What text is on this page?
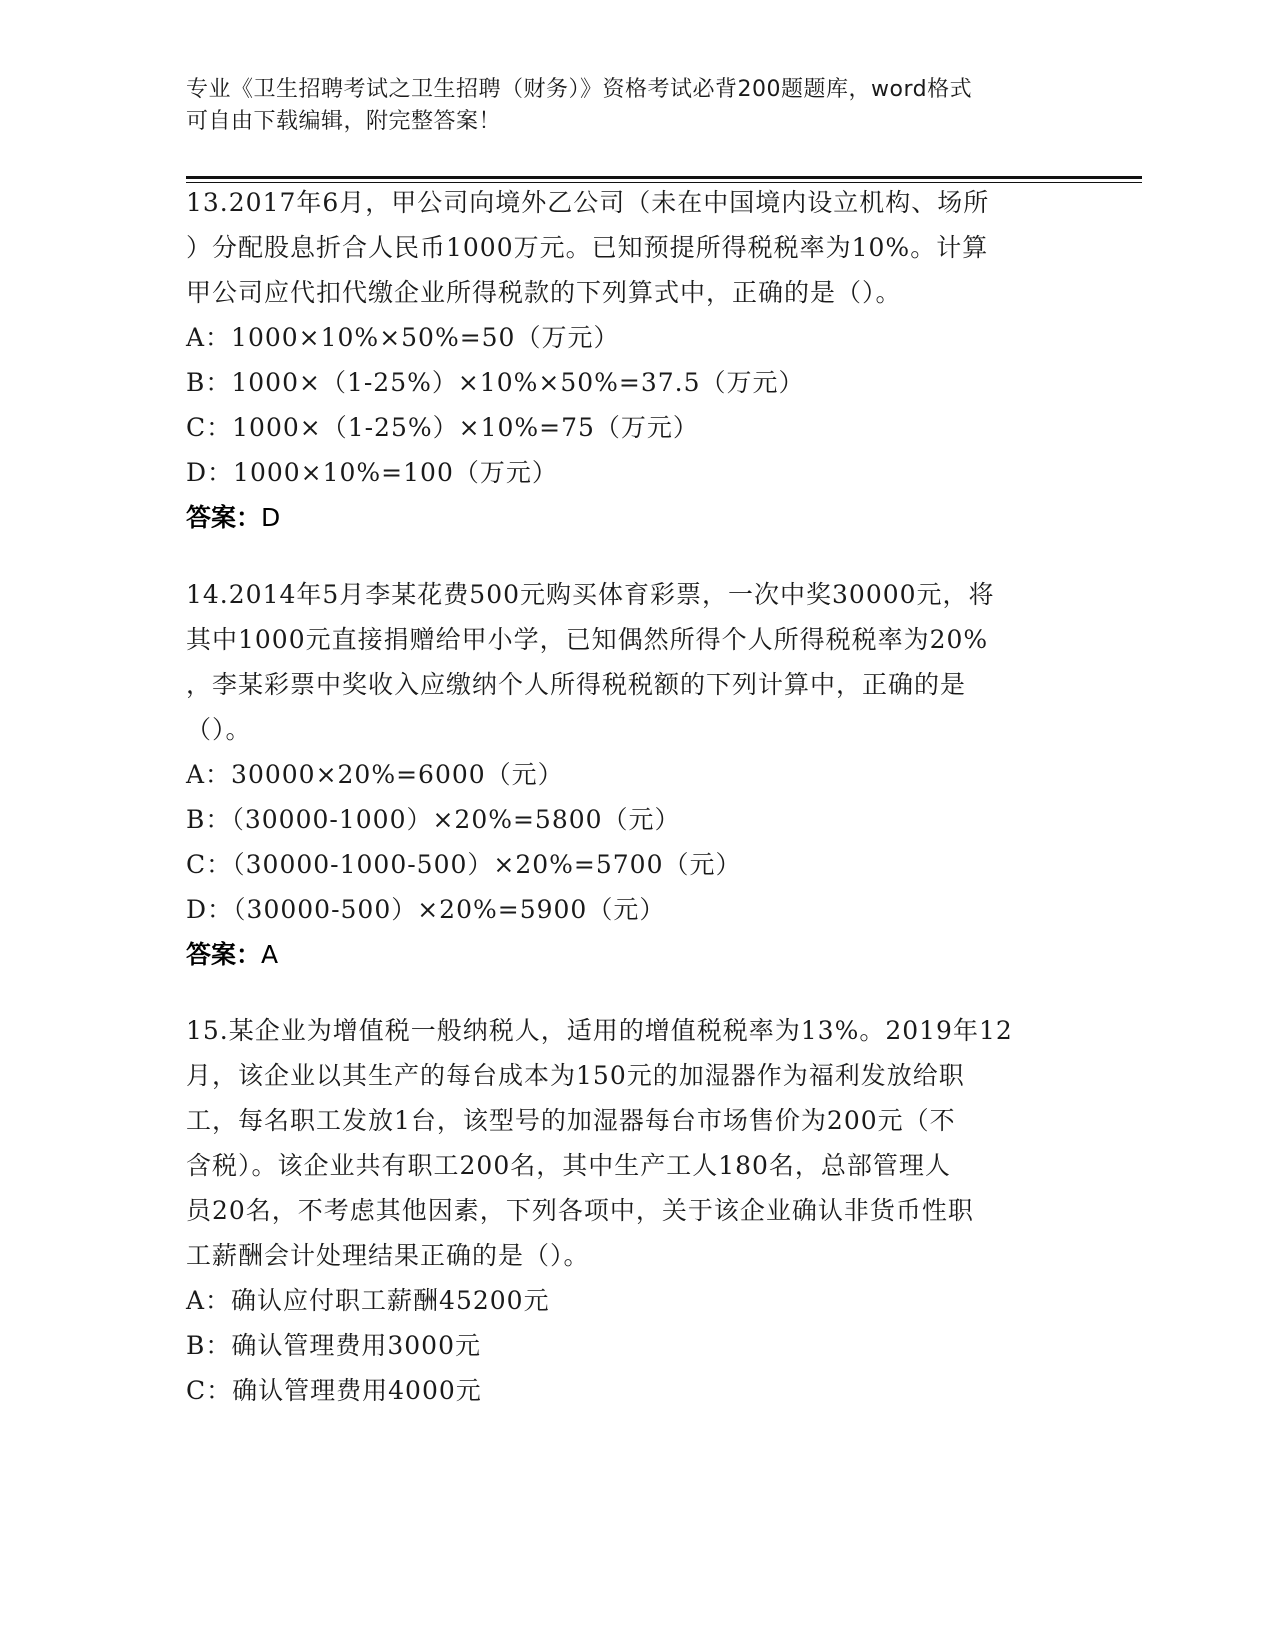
专业《卫生招聘考试之卫生招聘（财务）》资格考试必背200题题库，word格式
可自由下载编辑，附完整答案！

13.2017年6月，甲公司向境外乙公司（未在中国境内设立机构、场所

）分配股息折合人民币1000万元。已知预提所得税税率为10%。计算

甲公司应代扣代缴企业所得税款的下列算式中，正确的是（）。

A：1000×10%×50%=50（万元）

B：1000×（1-25%）×10%×50%=37.5（万元）

C：1000×（1-25%）×10%=75（万元）

D：1000×10%=100（万元）

答案：D

14.2014年5月李某花费500元购买体育彩票，一次中奖30000元，将

其中1000元直接捐赠给甲小学，已知偶然所得个人所得税税率为20%

，李某彩票中奖收入应缴纳个人所得税税额的下列计算中，正确的是

（）。

A：30000×20%=6000（元）

B：（30000-1000）×20%=5800（元）

C：（30000-1000-500）×20%=5700（元）

D：（30000-500）×20%=5900（元）

答案：A

15.某企业为增值税一般纳税人，适用的增值税税率为13%。2019年12

月，该企业以其生产的每台成本为150元的加湿器作为福利发放给职

工，每名职工发放1台，该型号的加湿器每台市场售价为200元（不

含税）。该企业共有职工200名，其中生产工人180名，总部管理人

员20名，不考虑其他因素，下列各项中，关于该企业确认非货币性职

工薪酬会计处理结果正确的是（）。

A：确认应付职工薪酬45200元

B：确认管理费用3000元

C：确认管理费用4000元
